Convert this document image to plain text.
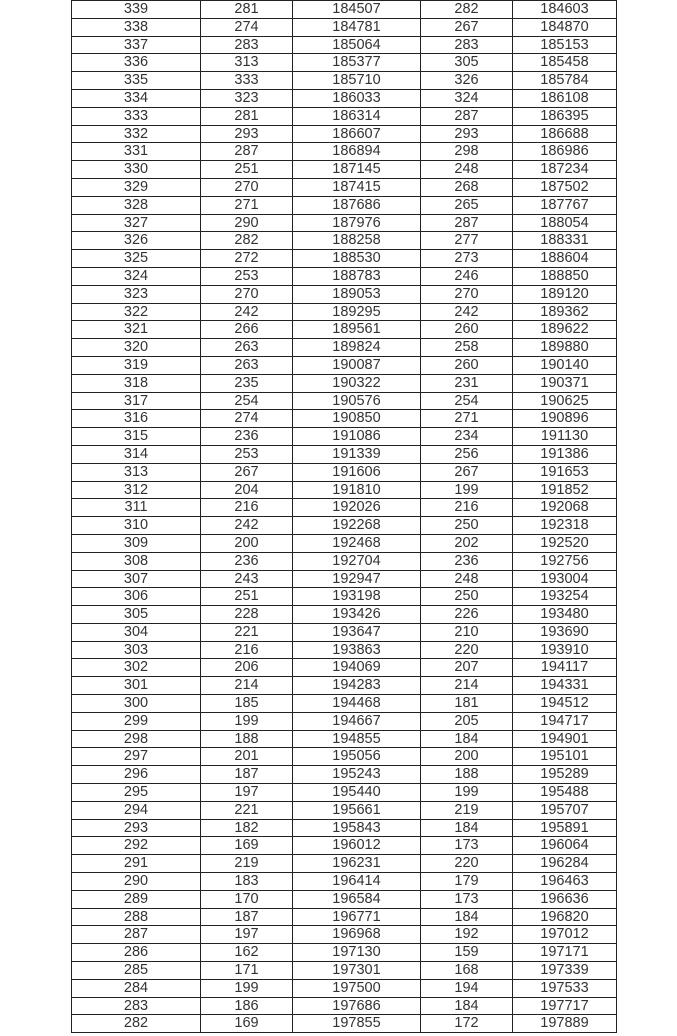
339	281	184507	282	184603
338	274	184781	267	184870
337	283	185064	283	185153
336	313	185377	305	185458
335	333	185710	326	185784
334	323	186033	324	186108
333	281	186314	287	186395
332	293	186607	293	186688
331	287	186894	298	186986
330	251	187145	248	187234
329	270	187415	268	187502
328	271	187686	265	187767
327	290	187976	287	188054
326	282	188258	277	188331
325	272	188530	273	188604
324	253	188783	246	188850
323	270	189053	270	189120
322	242	189295	242	189362
321	266	189561	260	189622
320	263	189824	258	189880
319	263	190087	260	190140
318	235	190322	231	190371
317	254	190576	254	190625
316	274	190850	271	190896
315	236	191086	234	191130
314	253	191339	256	191386
313	267	191606	267	191653
312	204	191810	199	191852
311	216	192026	216	192068
310	242	192268	250	192318
309	200	192468	202	192520
308	236	192704	236	192756
307	243	192947	248	193004
306	251	193198	250	193254
305	228	193426	226	193480
304	221	193647	210	193690
303	216	193863	220	193910
302	206	194069	207	194117
301	214	194283	214	194331
300	185	194468	181	194512
299	199	194667	205	194717
298	188	194855	184	194901
297	201	195056	200	195101
296	187	195243	188	195289
295	197	195440	199	195488
294	221	195661	219	195707
293	182	195843	184	195891
292	169	196012	173	196064
291	219	196231	220	196284
290	183	196414	179	196463
289	170	196584	173	196636
288	187	196771	184	196820
287	197	196968	192	197012
286	162	197130	159	197171
285	171	197301	168	197339
284	199	197500	194	197533
283	186	197686	184	197717
282	169	197855	172	197889
